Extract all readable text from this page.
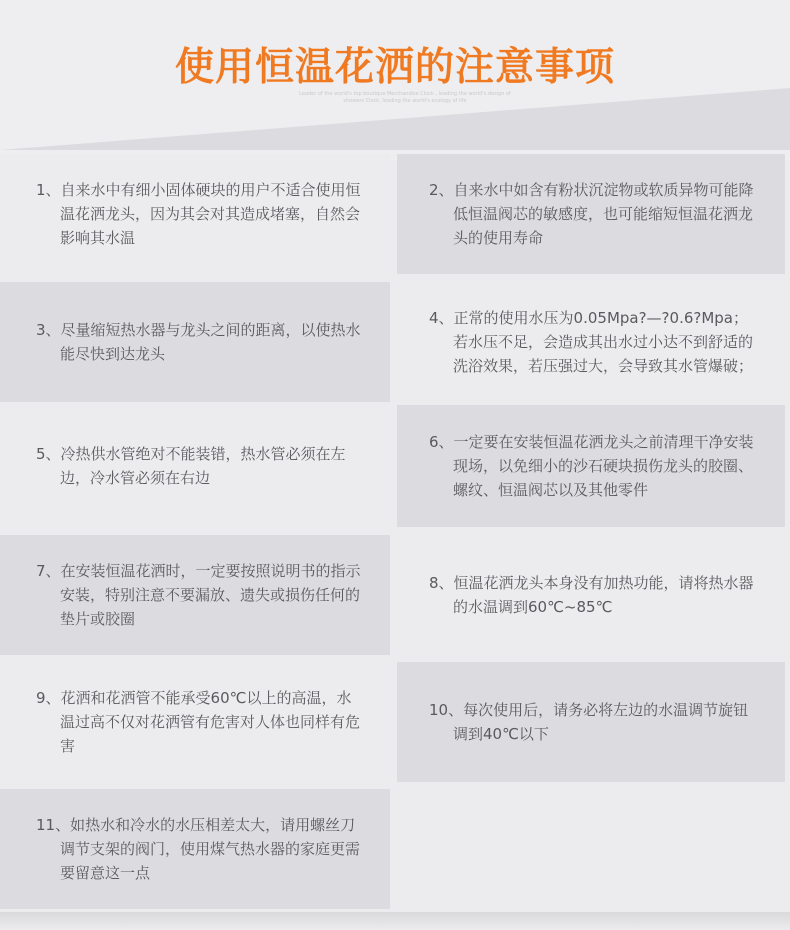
使用恒温花洒的注意事项

Leader of the world's top boutique Merchandise Clock , leading the world's design of showers Clock, leading the world's ecology of life

1、自来水中有细小固体硬块的用户不适合使用恒温花洒龙头，因为其会对其造成堵塞，自然会影响其水温

2、自来水中如含有粉状沉淀物或软质异物可能降低恒温阀芯的敏感度，也可能缩短恒温花洒龙头的使用寿命

3、尽量缩短热水器与龙头之间的距离，以使热水能尽快到达龙头

4、正常的使用水压为0.05Mpa?—?0.6?Mpa；若水压不足，会造成其出水过小达不到舒适的洗浴效果，若压强过大，会导致其水管爆破；

5、冷热供水管绝对不能装错，热水管必须在左边，冷水管必须在右边

6、一定要在安装恒温花洒龙头之前清理干净安装现场，以免细小的沙石硬块损伤龙头的胶圈、螺纹、恒温阀芯以及其他零件

7、在安装恒温花洒时，一定要按照说明书的指示安装，特别注意不要漏放、遗失或损伤任何的垫片或胶圈

8、恒温花洒龙头本身没有加热功能，请将热水器的水温调到60℃~85℃

9、花洒和花洒管不能承受60℃以上的高温，水温过高不仅对花洒管有危害对人体也同样有危害

10、每次使用后，请务必将左边的水温调节旋钮调到40℃以下

11、如热水和冷水的水压相差太大，请用螺丝刀调节支架的阀门，使用煤气热水器的家庭更需要留意这一点
